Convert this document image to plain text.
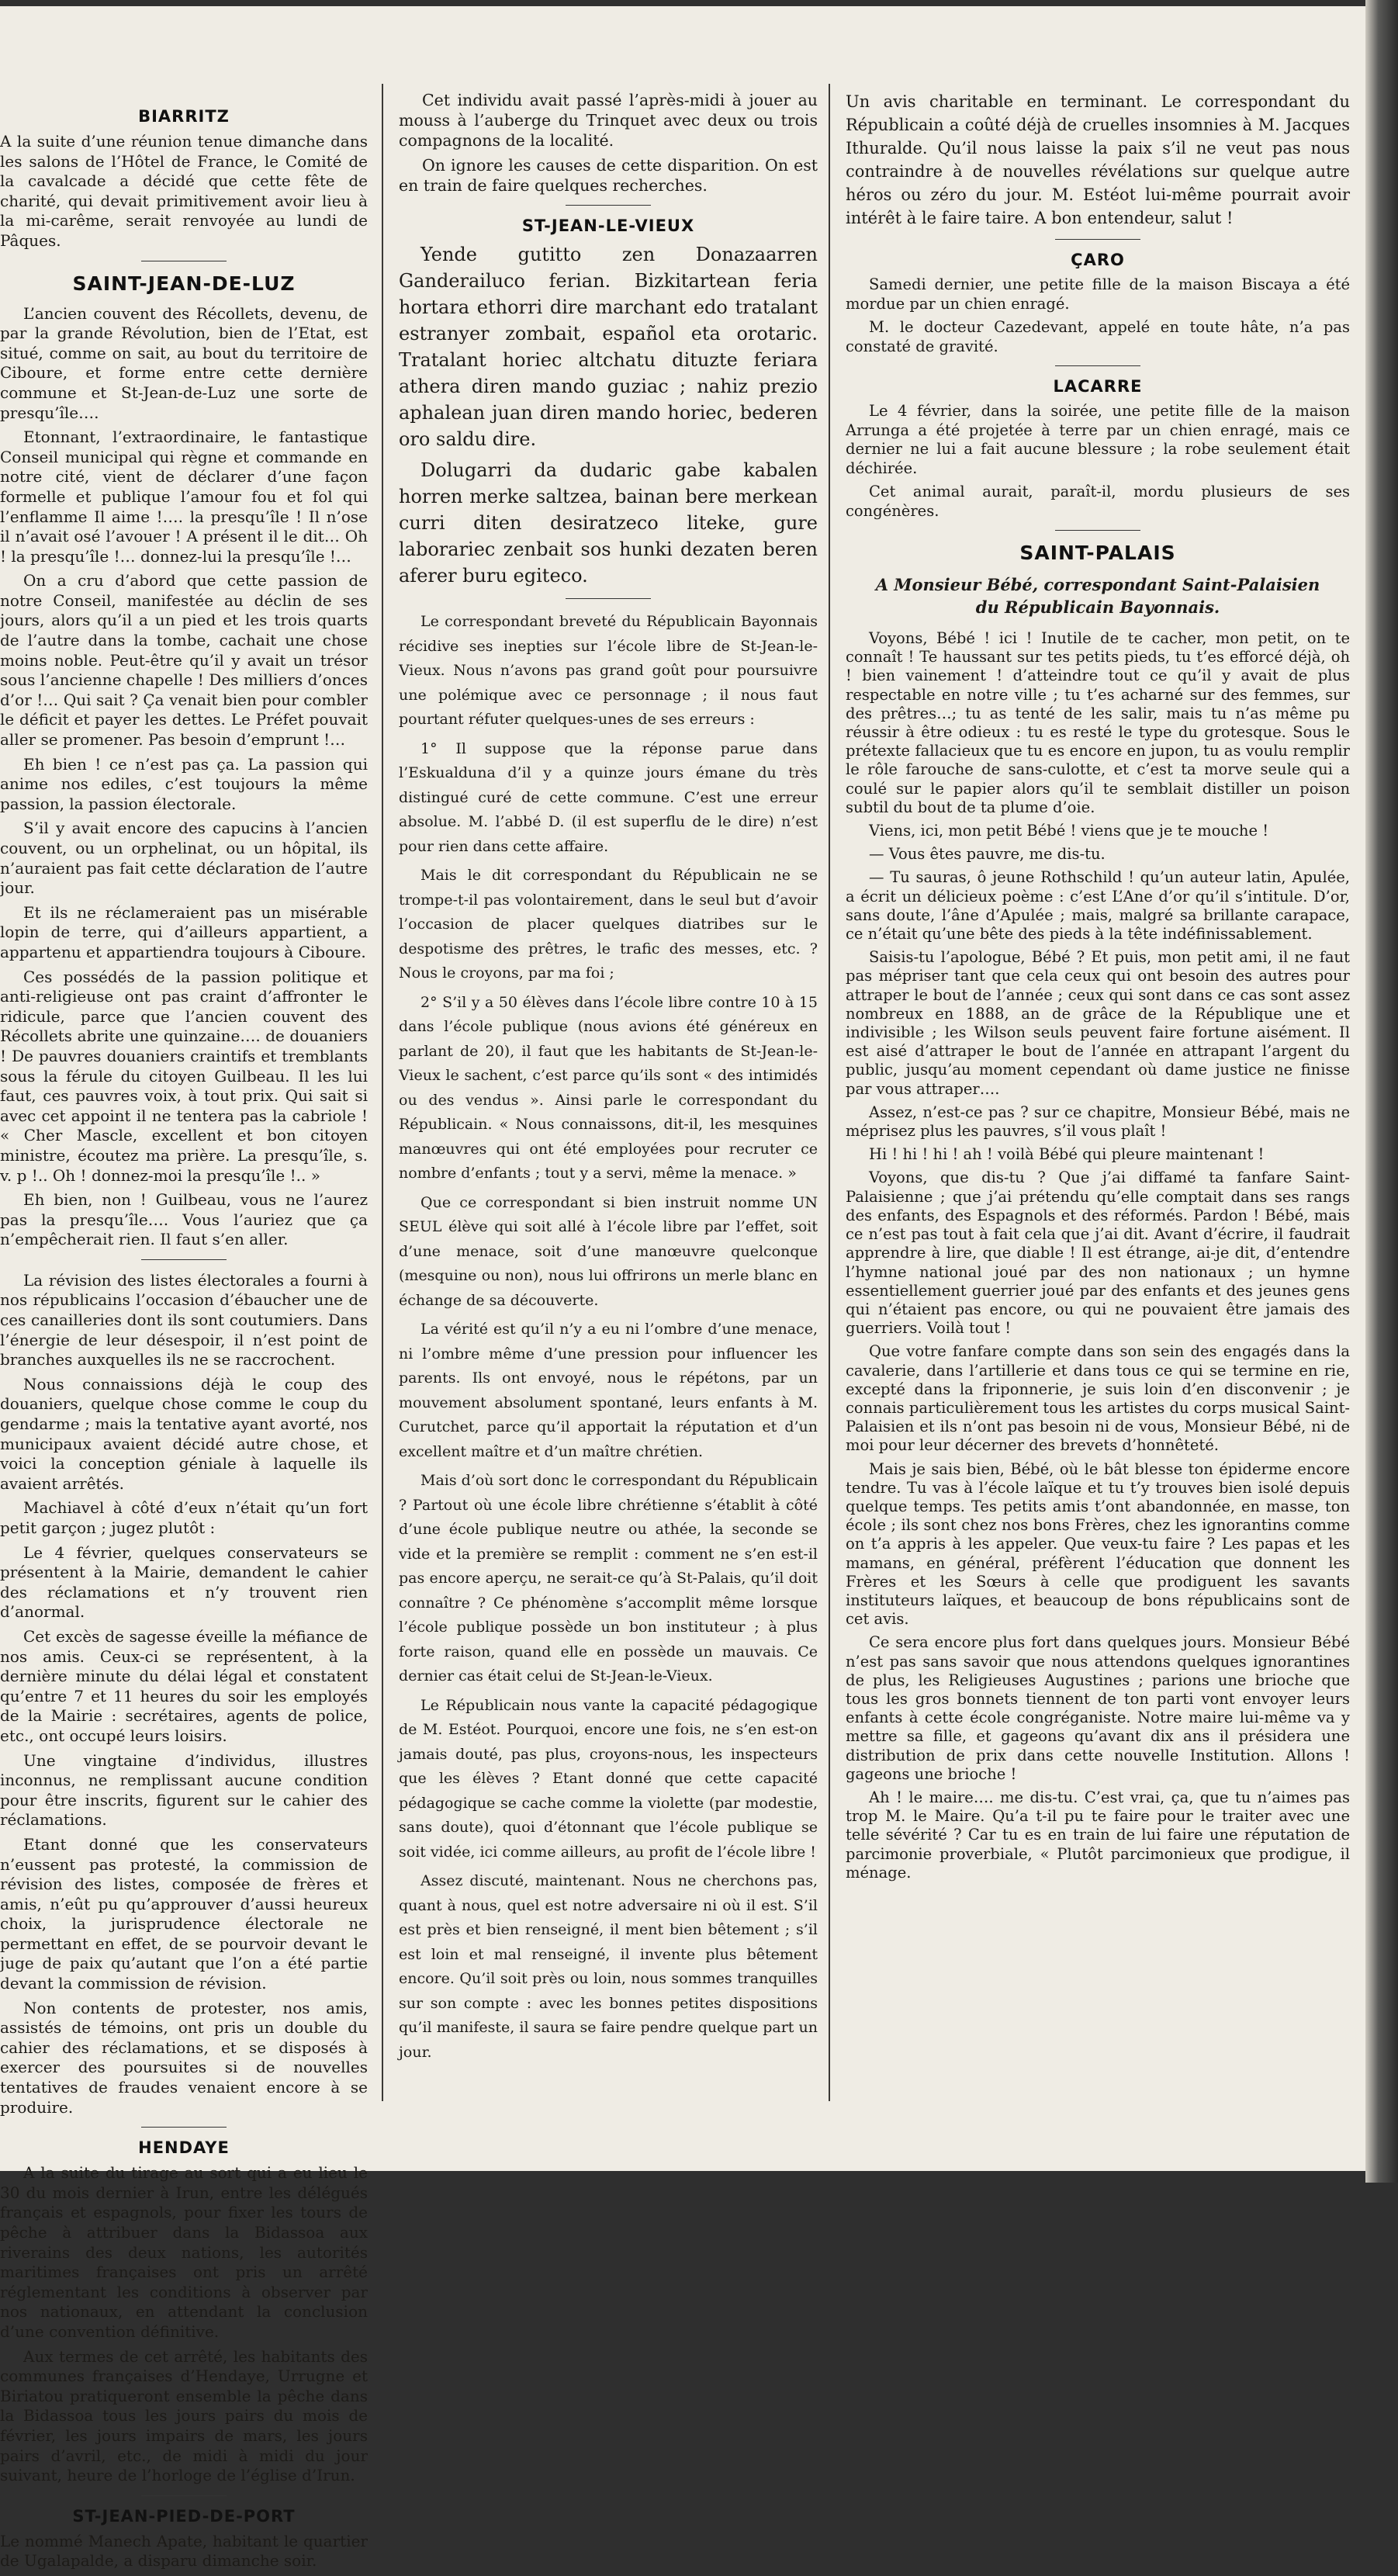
BIARRITZ

A la suite d’une réunion tenue dimanche dans les salons de l’Hôtel de France, le Comité de la cavalcade a décidé que cette fête de charité, qui devait primitivement avoir lieu à la mi-carême, serait renvoyée au lundi de Pâques.

SAINT-JEAN-DE-LUZ

L’ancien couvent des Récollets, devenu, de par la grande Révolution, bien de l’Etat, est situé, comme on sait, au bout du territoire de Ciboure, et forme entre cette dernière commune et St-Jean-de-Luz une sorte de presqu’île….

Etonnant, l’extraordinaire, le fantastique Conseil municipal qui règne et commande en notre cité, vient de déclarer d’une façon formelle et publique l’amour fou et fol qui l’enflamme Il aime !…. la presqu’île ! Il n’ose il n’avait osé l’avouer ! A présent il le dit… Oh ! la presqu’île !… donnez-lui la presqu’île !…

On a cru d’abord que cette passion de notre Conseil, manifestée au déclin de ses jours, alors qu’il a un pied et les trois quarts de l’autre dans la tombe, cachait une chose moins noble. Peut-être qu’il y avait un trésor sous l’ancienne chapelle ! Des milliers d’onces d’or !… Qui sait ? Ça venait bien pour combler le déficit et payer les dettes. Le Préfet pouvait aller se promener. Pas besoin d’emprunt !…

Eh bien ! ce n’est pas ça. La passion qui anime nos ediles, c’est toujours la même passion, la passion électorale.

S’il y avait encore des capucins à l’ancien couvent, ou un orphelinat, ou un hôpital, ils n’auraient pas fait cette déclaration de l’autre jour.

Et ils ne réclameraient pas un misérable lopin de terre, qui d’ailleurs appartient, a appartenu et appartiendra toujours à Ciboure.

Ces possédés de la passion politique et anti-religieuse ont pas craint d’affronter le ridicule, parce que l’ancien couvent des Récollets abrite une quinzaine…. de douaniers ! De pauvres douaniers craintifs et tremblants sous la férule du citoyen Guilbeau. Il les lui faut, ces pauvres voix, à tout prix. Qui sait si avec cet appoint il ne tentera pas la cabriole ! « Cher Mascle, excellent et bon citoyen ministre, écoutez ma prière. La presqu’île, s. v. p !.. Oh ! donnez-moi la presqu’île !.. »

Eh bien, non ! Guilbeau, vous ne l’aurez pas la presqu’île…. Vous l’auriez que ça n’empêcherait rien. Il faut s’en aller.

La révision des listes électorales a fourni à nos républicains l’occasion d’ébaucher une de ces canailleries dont ils sont coutumiers. Dans l’énergie de leur désespoir, il n’est point de branches auxquelles ils ne se raccrochent.

Nous connaissions déjà le coup des douaniers, quelque chose comme le coup du gendarme ; mais la tentative ayant avorté, nos municipaux avaient décidé autre chose, et voici la conception géniale à laquelle ils avaient arrêtés.

Machiavel à côté d’eux n’était qu’un fort petit garçon ; jugez plutôt :

Le 4 février, quelques conservateurs se présentent à la Mairie, demandent le cahier des réclamations et n’y trouvent rien d’anormal.

Cet excès de sagesse éveille la méfiance de nos amis. Ceux-ci se représentent, à la dernière minute du délai légal et constatent qu’entre 7 et 11 heures du soir les employés de la Mairie : secrétaires, agents de police, etc., ont occupé leurs loisirs.

Une vingtaine d’individus, illustres inconnus, ne remplissant aucune condition pour être inscrits, figurent sur le cahier des réclamations.

Etant donné que les conservateurs n’eussent pas protesté, la commission de révision des listes, composée de frères et amis, n’eût pu qu’approuver d’aussi heureux choix, la jurisprudence électorale ne permettant en effet, de se pourvoir devant le juge de paix qu’autant que l’on a été partie devant la commission de révision.

Non contents de protester, nos amis, assistés de témoins, ont pris un double du cahier des réclamations, et se disposés à exercer des poursuites si de nouvelles tentatives de fraudes venaient encore à se produire.

HENDAYE

A la suite du tirage au sort qui a eu lieu le 30 du mois dernier à Irun, entre les délégués français et espagnols, pour fixer les tours de pêche à attribuer dans la Bidassoa aux riverains des deux nations, les autorités maritimes françaises ont pris un arrêté réglementant les conditions à observer par nos nationaux, en attendant la conclusion d’une convention définitive.

Aux termes de cet arrêté, les habitants des communes françaises d’Hendaye, Urrugne et Biriatou pratiqueront ensemble la pêche dans la Bidassoa tous les jours pairs du mois de février, les jours impairs de mars, les jours pairs d’avril, etc., de midi à midi du jour suivant, heure de l’horloge de l’église d’Irun.

ST-JEAN-PIED-DE-PORT

Le nommé Manech Apate, habitant le quartier de Ugalapalde, a disparu dimanche soir.

Cet individu avait passé l’après-midi à jouer au mouss à l’auberge du Trinquet avec deux ou trois compagnons de la localité.

On ignore les causes de cette disparition. On est en train de faire quelques recherches.

ST-JEAN-LE-VIEUX

Yende gutitto zen Donazaarren Ganderailuco ferian. Bizkitartean feria hortara ethorri dire marchant edo tratalant estranyer zombait, español eta orotaric. Tratalant horiec altchatu dituzte feriara athera diren mando guziac ; nahiz prezio aphalean juan diren mando horiec, bederen oro saldu dire.

Dolugarri da dudaric gabe kabalen horren merke saltzea, bainan bere merkean curri diten desiratzeco liteke, gure laborariec zenbait sos hunki dezaten beren aferer buru egiteco.

Le correspondant breveté du Républicain Bayonnais récidive ses inepties sur l’école libre de St-Jean-le-Vieux. Nous n’avons pas grand goût pour poursuivre une polémique avec ce personnage ; il nous faut pourtant réfuter quelques-unes de ses erreurs :

1° Il suppose que la réponse parue dans l’Eskualduna d’il y a quinze jours émane du très distingué curé de cette commune. C’est une erreur absolue. M. l’abbé D. (il est superflu de le dire) n’est pour rien dans cette affaire.

Mais le dit correspondant du Républicain ne se trompe-t-il pas volontairement, dans le seul but d’avoir l’occasion de placer quelques diatribes sur le despotisme des prêtres, le trafic des messes, etc. ? Nous le croyons, par ma foi ;

2° S’il y a 50 élèves dans l’école libre contre 10 à 15 dans l’école publique (nous avions été généreux en parlant de 20), il faut que les habitants de St-Jean-le-Vieux le sachent, c’est parce qu’ils sont « des intimidés ou des vendus ». Ainsi parle le correspondant du Républicain. « Nous connaissons, dit-il, les mesquines manœuvres qui ont été employées pour recruter ce nombre d’enfants ; tout y a servi, même la menace. »

Que ce correspondant si bien instruit nomme UN SEUL élève qui soit allé à l’école libre par l’effet, soit d’une menace, soit d’une manœuvre quelconque (mesquine ou non), nous lui offrirons un merle blanc en échange de sa découverte.

La vérité est qu’il n’y a eu ni l’ombre d’une menace, ni l’ombre même d’une pression pour influencer les parents. Ils ont envoyé, nous le répétons, par un mouvement absolument spontané, leurs enfants à M. Curutchet, parce qu’il apportait la réputation et d’un excellent maître et d’un maître chrétien.

Mais d’où sort donc le correspondant du Républicain ? Partout où une école libre chrétienne s’établit à côté d’une école publique neutre ou athée, la seconde se vide et la première se remplit : comment ne s’en est-il pas encore aperçu, ne serait-ce qu’à St-Palais, qu’il doit connaître ? Ce phénomène s’accomplit même lorsque l’école publique possède un bon instituteur ; à plus forte raison, quand elle en possède un mauvais. Ce dernier cas était celui de St-Jean-le-Vieux.

Le Républicain nous vante la capacité pédagogique de M. Estéot. Pourquoi, encore une fois, ne s’en est-on jamais douté, pas plus, croyons-nous, les inspecteurs que les élèves ? Etant donné que cette capacité pédagogique se cache comme la violette (par modestie, sans doute), quoi d’étonnant que l’école publique se soit vidée, ici comme ailleurs, au profit de l’école libre !

Assez discuté, maintenant. Nous ne cherchons pas, quant à nous, quel est notre adversaire ni où il est. S’il est près et bien renseigné, il ment bien bêtement ; s’il est loin et mal renseigné, il invente plus bêtement encore. Qu’il soit près ou loin, nous sommes tranquilles sur son compte : avec les bonnes petites dispositions qu’il manifeste, il saura se faire pendre quelque part un jour.

Un avis charitable en terminant. Le correspondant du Républicain a coûté déjà de cruelles insomnies à M. Jacques Ithuralde. Qu’il nous laisse la paix s’il ne veut pas nous contraindre à de nouvelles révélations sur quelque autre héros ou zéro du jour. M. Estéot lui-même pourrait avoir intérêt à le faire taire. A bon entendeur, salut !

ÇARO

Samedi dernier, une petite fille de la maison Biscaya a été mordue par un chien enragé.

M. le docteur Cazedevant, appelé en toute hâte, n’a pas constaté de gravité.

LACARRE

Le 4 février, dans la soirée, une petite fille de la maison Arrunga a été projetée à terre par un chien enragé, mais ce dernier ne lui a fait aucune blessure ; la robe seulement était déchirée.

Cet animal aurait, paraît-il, mordu plusieurs de ses congénères.

SAINT-PALAIS
A Monsieur Bébé, correspondant Saint-Palaisien
du Républicain Bayonnais.

Voyons, Bébé ! ici ! Inutile de te cacher, mon petit, on te connaît ! Te haussant sur tes petits pieds, tu t’es efforcé déjà, oh ! bien vainement ! d’atteindre tout ce qu’il y avait de plus respectable en notre ville ; tu t’es acharné sur des femmes, sur des prêtres…; tu as tenté de les salir, mais tu n’as même pu réussir à être odieux : tu es resté le type du grotesque. Sous le prétexte fallacieux que tu es encore en jupon, tu as voulu remplir le rôle farouche de sans-culotte, et c’est ta morve seule qui a coulé sur le papier alors qu’il te semblait distiller un poison subtil du bout de ta plume d’oie.

Viens, ici, mon petit Bébé ! viens que je te mouche !

— Vous êtes pauvre, me dis-tu.

— Tu sauras, ô jeune Rothschild ! qu’un auteur latin, Apulée, a écrit un délicieux poème : c’est L’Ane d’or qu’il s’intitule. D’or, sans doute, l’âne d’Apulée ; mais, malgré sa brillante carapace, ce n’était qu’une bête des pieds à la tête indéfinissablement.

Saisis-tu l’apologue, Bébé ? Et puis, mon petit ami, il ne faut pas mépriser tant que cela ceux qui ont besoin des autres pour attraper le bout de l’année ; ceux qui sont dans ce cas sont assez nombreux en 1888, an de grâce de la République une et indivisible ; les Wilson seuls peuvent faire fortune aisément. Il est aisé d’attraper le bout de l’année en attrapant l’argent du public, jusqu’au moment cependant où dame justice ne finisse par vous attraper….

Assez, n’est-ce pas ? sur ce chapitre, Monsieur Bébé, mais ne méprisez plus les pauvres, s’il vous plaît !

Hi ! hi ! hi ! ah ! voilà Bébé qui pleure maintenant !

Voyons, que dis-tu ? Que j’ai diffamé ta fanfare Saint-Palaisienne ; que j’ai prétendu qu’elle comptait dans ses rangs des enfants, des Espagnols et des réformés. Pardon ! Bébé, mais ce n’est pas tout à fait cela que j’ai dit. Avant d’écrire, il faudrait apprendre à lire, que diable ! Il est étrange, ai-je dit, d’entendre l’hymne national joué par des non nationaux ; un hymne essentiellement guerrier joué par des enfants et des jeunes gens qui n’étaient pas encore, ou qui ne pouvaient être jamais des guerriers. Voilà tout !

Que votre fanfare compte dans son sein des engagés dans la cavalerie, dans l’artillerie et dans tous ce qui se termine en rie, excepté dans la friponnerie, je suis loin d’en disconvenir ; je connais particulièrement tous les artistes du corps musical Saint-Palaisien et ils n’ont pas besoin ni de vous, Monsieur Bébé, ni de moi pour leur décerner des brevets d’honnêteté.

Mais je sais bien, Bébé, où le bât blesse ton épiderme encore tendre. Tu vas à l’école laïque et tu t’y trouves bien isolé depuis quelque temps. Tes petits amis t’ont abandonnée, en masse, ton école ; ils sont chez nos bons Frères, chez les ignorantins comme on t’a appris à les appeler. Que veux-tu faire ? Les papas et les mamans, en général, préfèrent l’éducation que donnent les Frères et les Sœurs à celle que prodiguent les savants instituteurs laïques, et beaucoup de bons républicains sont de cet avis.

Ce sera encore plus fort dans quelques jours. Monsieur Bébé n’est pas sans savoir que nous attendons quelques ignorantines de plus, les Religieuses Augustines ; parions une brioche que tous les gros bonnets tiennent de ton parti vont envoyer leurs enfants à cette école congréganiste. Notre maire lui-même va y mettre sa fille, et gageons qu’avant dix ans il présidera une distribution de prix dans cette nouvelle Institution. Allons ! gageons une brioche !

Ah ! le maire…. me dis-tu. C’est vrai, ça, que tu n’aimes pas trop M. le Maire. Qu’a t-il pu te faire pour le traiter avec une telle sévérité ? Car tu es en train de lui faire une réputation de parcimonie proverbiale, « Plutôt parcimonieux que prodigue, il ménage.
